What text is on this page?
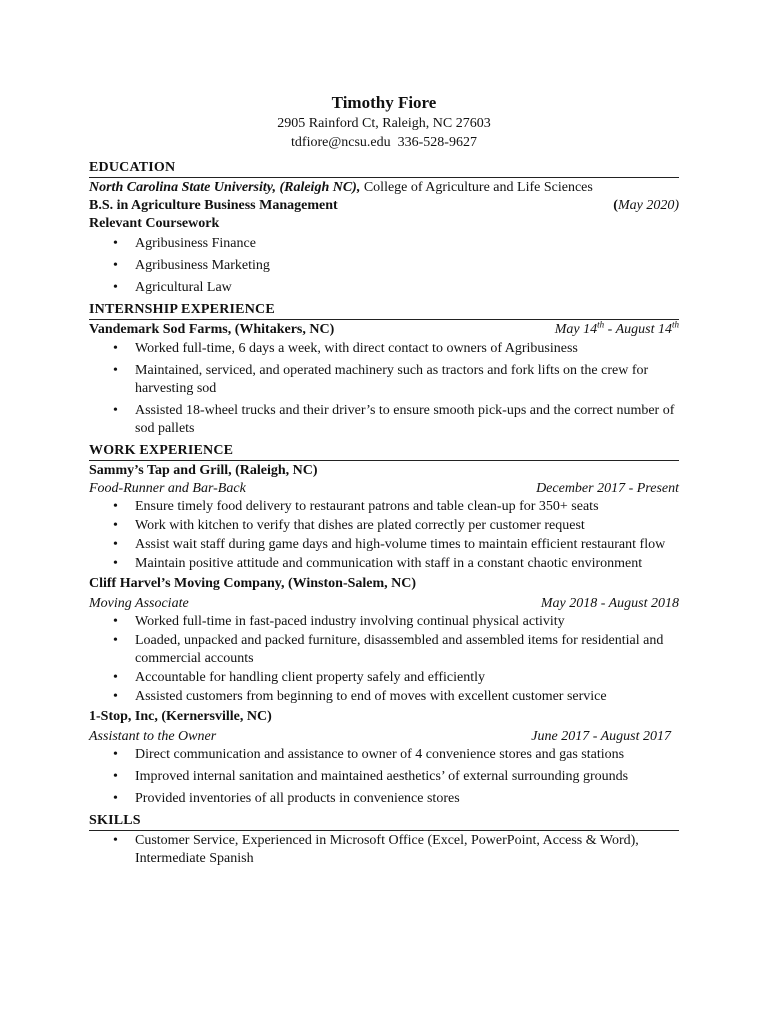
Timothy Fiore
2905 Rainford Ct, Raleigh, NC 27603
tdfiore@ncsu.edu 336-528-9627
EDUCATION
North Carolina State University, (Raleigh NC), College of Agriculture and Life Sciences
B.S. in Agriculture Business Management	(May 2020)
Relevant Coursework
• Agribusiness Finance
• Agribusiness Marketing
• Agricultural Law
INTERNSHIP EXPERIENCE
Vandemark Sod Farms, (Whitakers, NC)	May 14th - August 14th
• Worked full-time, 6 days a week, with direct contact to owners of Agribusiness
• Maintained, serviced, and operated machinery such as tractors and fork lifts on the crew for harvesting sod
• Assisted 18-wheel trucks and their driver’s to ensure smooth pick-ups and the correct number of sod pallets
WORK EXPERIENCE
Sammy’s Tap and Grill, (Raleigh, NC)
Food-Runner and Bar-Back	December 2017 - Present
• Ensure timely food delivery to restaurant patrons and table clean-up for 350+ seats
• Work with kitchen to verify that dishes are plated correctly per customer request
• Assist wait staff during game days and high-volume times to maintain efficient restaurant flow
• Maintain positive attitude and communication with staff in a constant chaotic environment
Cliff Harvel’s Moving Company, (Winston-Salem, NC)
Moving Associate	May 2018 - August 2018
• Worked full-time in fast-paced industry involving continual physical activity
• Loaded, unpacked and packed furniture, disassembled and assembled items for residential and commercial accounts
• Accountable for handling client property safely and efficiently
• Assisted customers from beginning to end of moves with excellent customer service
1-Stop, Inc, (Kernersville, NC)
Assistant to the Owner	June 2017 - August 2017
• Direct communication and assistance to owner of 4 convenience stores and gas stations
• Improved internal sanitation and maintained aesthetics’ of external surrounding grounds
• Provided inventories of all products in convenience stores
SKILLS
• Customer Service, Experienced in Microsoft Office (Excel, PowerPoint, Access & Word), Intermediate Spanish
